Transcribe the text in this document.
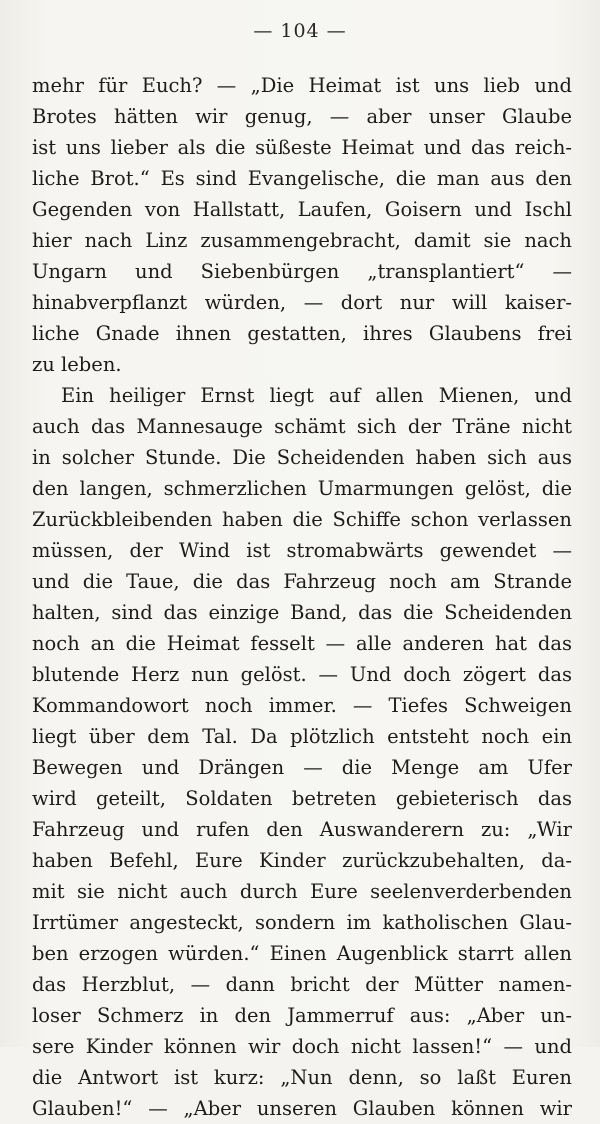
— 104 —
mehr für Euch? — „Die Heimat ist uns lieb und
Brotes hätten wir genug, — aber unser Glaube
ist uns lieber als die süßeste Heimat und das reich-
liche Brot.“ Es sind Evangelische, die man aus den
Gegenden von Hallstatt, Laufen, Goisern und Ischl
hier nach Linz zusammengebracht, damit sie nach
Ungarn und Siebenbürgen „transplantiert“ —
hinabverpflanzt würden, — dort nur will kaiser-
liche Gnade ihnen gestatten, ihres Glaubens frei
zu leben.
Ein heiliger Ernst liegt auf allen Mienen, und
auch das Mannesauge schämt sich der Träne nicht
in solcher Stunde. Die Scheidenden haben sich aus
den langen, schmerzlichen Umarmungen gelöst, die
Zurückbleibenden haben die Schiffe schon verlassen
müssen, der Wind ist stromabwärts gewendet —
und die Taue, die das Fahrzeug noch am Strande
halten, sind das einzige Band, das die Scheidenden
noch an die Heimat fesselt — alle anderen hat das
blutende Herz nun gelöst. — Und doch zögert das
Kommandowort noch immer. — Tiefes Schweigen
liegt über dem Tal. Da plötzlich entsteht noch ein
Bewegen und Drängen — die Menge am Ufer
wird geteilt, Soldaten betreten gebieterisch das
Fahrzeug und rufen den Auswanderern zu: „Wir
haben Befehl, Eure Kinder zurückzubehalten, da-
mit sie nicht auch durch Eure seelenverderbenden
Irrtümer angesteckt, sondern im katholischen Glau-
ben erzogen würden.“ Einen Augenblick starrt allen
das Herzblut, — dann bricht der Mütter namen-
loser Schmerz in den Jammerruf aus: „Aber un-
sere Kinder können wir doch nicht lassen!“ — und
die Antwort ist kurz: „Nun denn, so laßt Euren
Glauben!“ — „Aber unseren Glauben können wir
